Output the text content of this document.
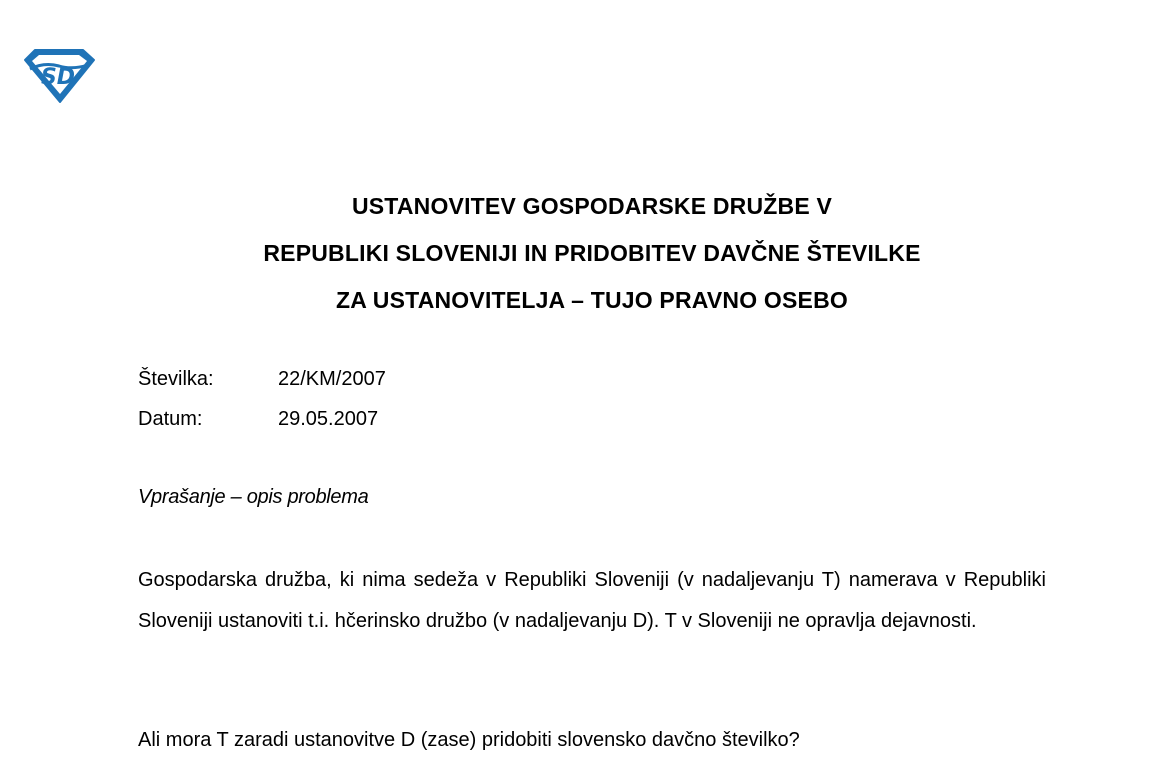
SD
USTANOVITEV GOSPODARSKE DRUŽBE V
REPUBLIKI SLOVENIJI IN PRIDOBITEV DAVČNE ŠTEVILKE
ZA USTANOVITELJA – TUJO PRAVNO OSEBO
Številka:	22/KM/2007
Datum:	29.05.2007
Vprašanje – opis problema
Gospodarska družba, ki nima sedeža v Republiki Sloveniji (v nadaljevanju T) namerava v Republiki Sloveniji ustanoviti t.i. hčerinsko družbo (v nadaljevanju D). T v Sloveniji ne opravlja dejavnosti.
Ali mora T zaradi ustanovitve D (zase) pridobiti slovensko davčno številko?
